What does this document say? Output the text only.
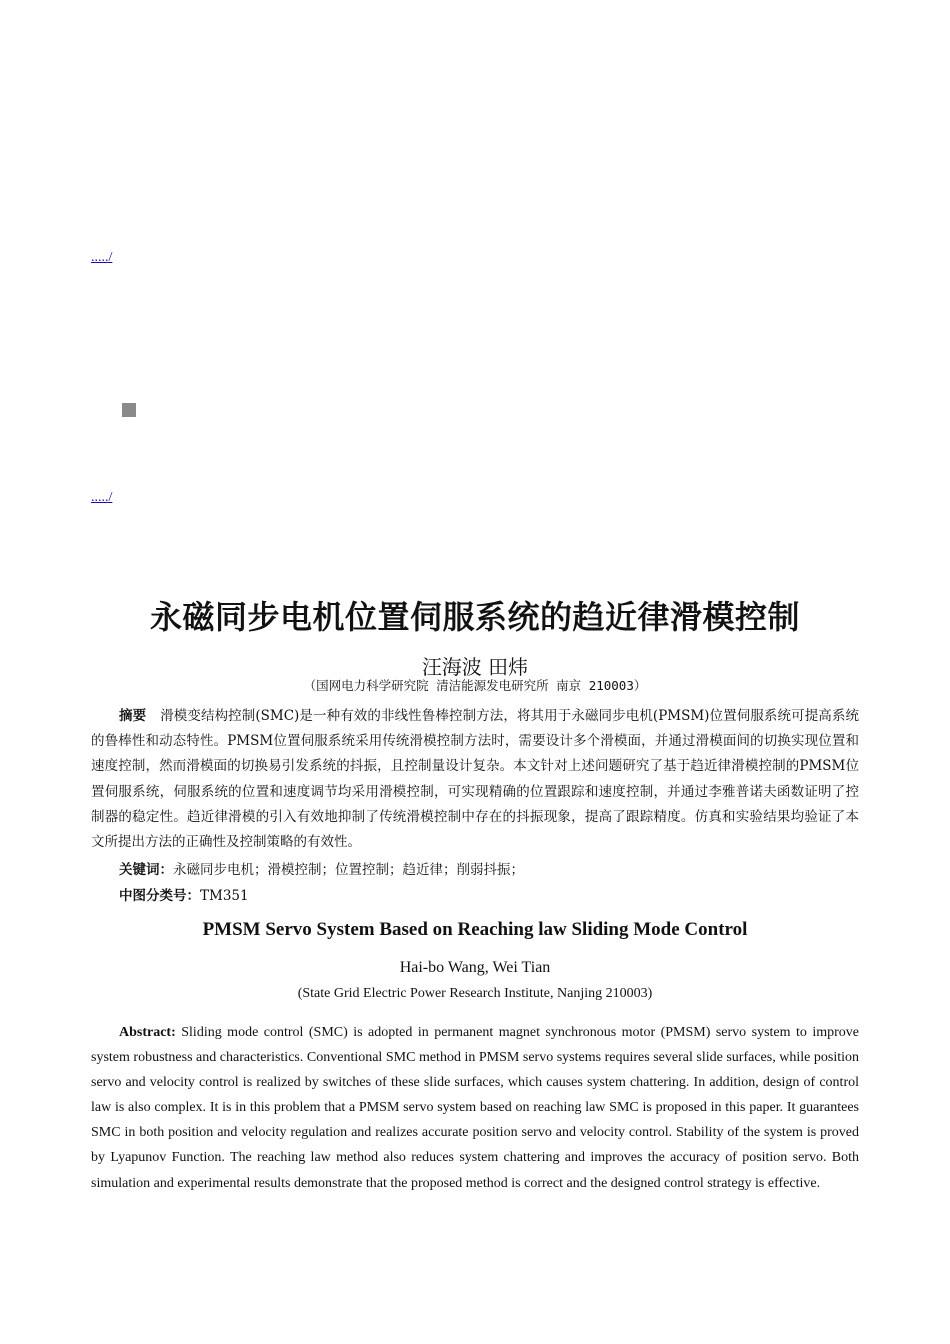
...../
...../
永磁同步电机位置伺服系统的趋近律滑模控制
汪海波 田炜
（国网电力科学研究院 清洁能源发电研究所 南京 210003）

摘要 滑模变结构控制(SMC)是一种有效的非线性鲁棒控制方法，将其用于永磁同步电机(PMSM)位置伺服系统可提高系统的鲁棒性和动态特性。PMSM位置伺服系统采用传统滑模控制方法时，需要设计多个滑模面，并通过滑模面间的切换实现位置和速度控制，然而滑模面的切换易引发系统的抖振，且控制量设计复杂。本文针对上述问题研究了基于趋近律滑模控制的PMSM位置伺服系统，伺服系统的位置和速度调节均采用滑模控制，可实现精确的位置跟踪和速度控制，并通过李雅普诺夫函数证明了控制器的稳定性。趋近律滑模的引入有效地抑制了传统滑模控制中存在的抖振现象，提高了跟踪精度。仿真和实验结果均验证了本文所提出方法的正确性及控制策略的有效性。

关键词：永磁同步电机；滑模控制；位置控制；趋近律；削弱抖振；
中图分类号：TM351
PMSM Servo System Based on Reaching law Sliding Mode Control
Hai-bo Wang, Wei Tian
(State Grid Electric Power Research Institute, Nanjing 210003)

Abstract: Sliding mode control (SMC) is adopted in permanent magnet synchronous motor (PMSM) servo system to improve system robustness and characteristics. Conventional SMC method in PMSM servo systems requires several slide surfaces, while position servo and velocity control is realized by switches of these slide surfaces, which causes system chattering. In addition, design of control law is also complex. It is in this problem that a PMSM servo system based on reaching law SMC is proposed in this paper. It guarantees SMC in both position and velocity regulation and realizes accurate position servo and velocity control. Stability of the system is proved by Lyapunov Function. The reaching law method also reduces system chattering and improves the accuracy of position servo. Both simulation and experimental results demonstrate that the proposed method is correct and the designed control strategy is effective.
